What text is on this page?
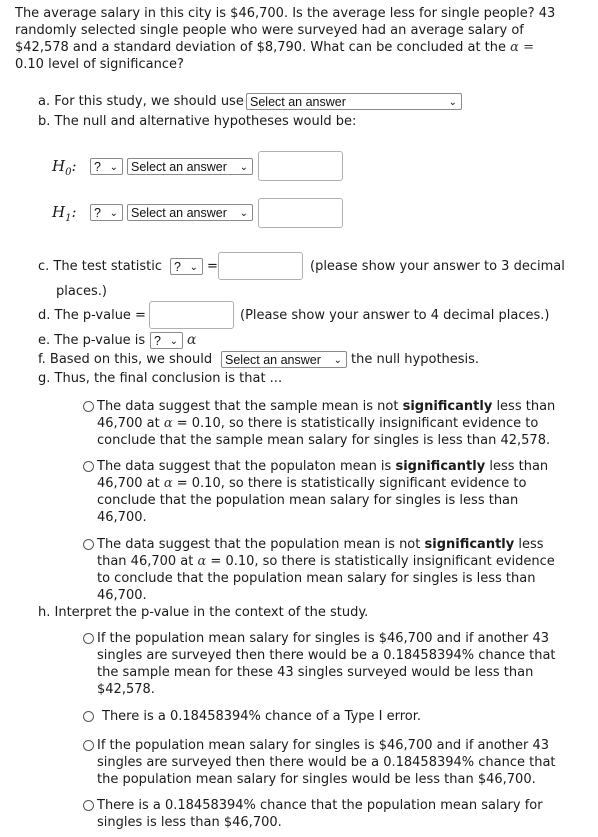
The average salary in this city is $46,700. Is the average less for single people? 43
randomly selected single people who were surveyed had an average salary of
$42,578 and a standard deviation of $8,790. What can be concluded at the α =
0.10 level of significance?
a. For this study, we should use Select an answer	⌄
b. The null and alternative hypotheses would be:
$H_0$:	? ⌄	Select an answer ⌄
$H_1$:	? ⌄	Select an answer ⌄
c. The test statistic ? ⌄ =	(please show your answer to 3 decimal
places.)
d. The p-value =	(Please show your answer to 4 decimal places.)
e. The p-value is ? ⌄ α
f. Based on this, we should	Select an answer ⌄ the null hypothesis.
g. Thus, the final conclusion is that ...
The data suggest that the sample mean is not significantly less than
46,700 at α = 0.10, so there is statistically insignificant evidence to
conclude that the sample mean salary for singles is less than 42,578.
The data suggest that the populaton mean is significantly less than
46,700 at α = 0.10, so there is statistically significant evidence to
conclude that the population mean salary for singles is less than
46,700.
The data suggest that the population mean is not significantly less
than 46,700 at α = 0.10, so there is statistically insignificant evidence
to conclude that the population mean salary for singles is less than
46,700.
h. Interpret the p-value in the context of the study.
If the population mean salary for singles is $46,700 and if another 43
singles are surveyed then there would be a 0.18458394% chance that
the sample mean for these 43 singles surveyed would be less than
$42,578.
There is a 0.18458394% chance of a Type I error.
If the population mean salary for singles is $46,700 and if another 43
singles are surveyed then there would be a 0.18458394% chance that
the population mean salary for singles would be less than $46,700.
There is a 0.18458394% chance that the population mean salary for
singles is less than $46,700.
